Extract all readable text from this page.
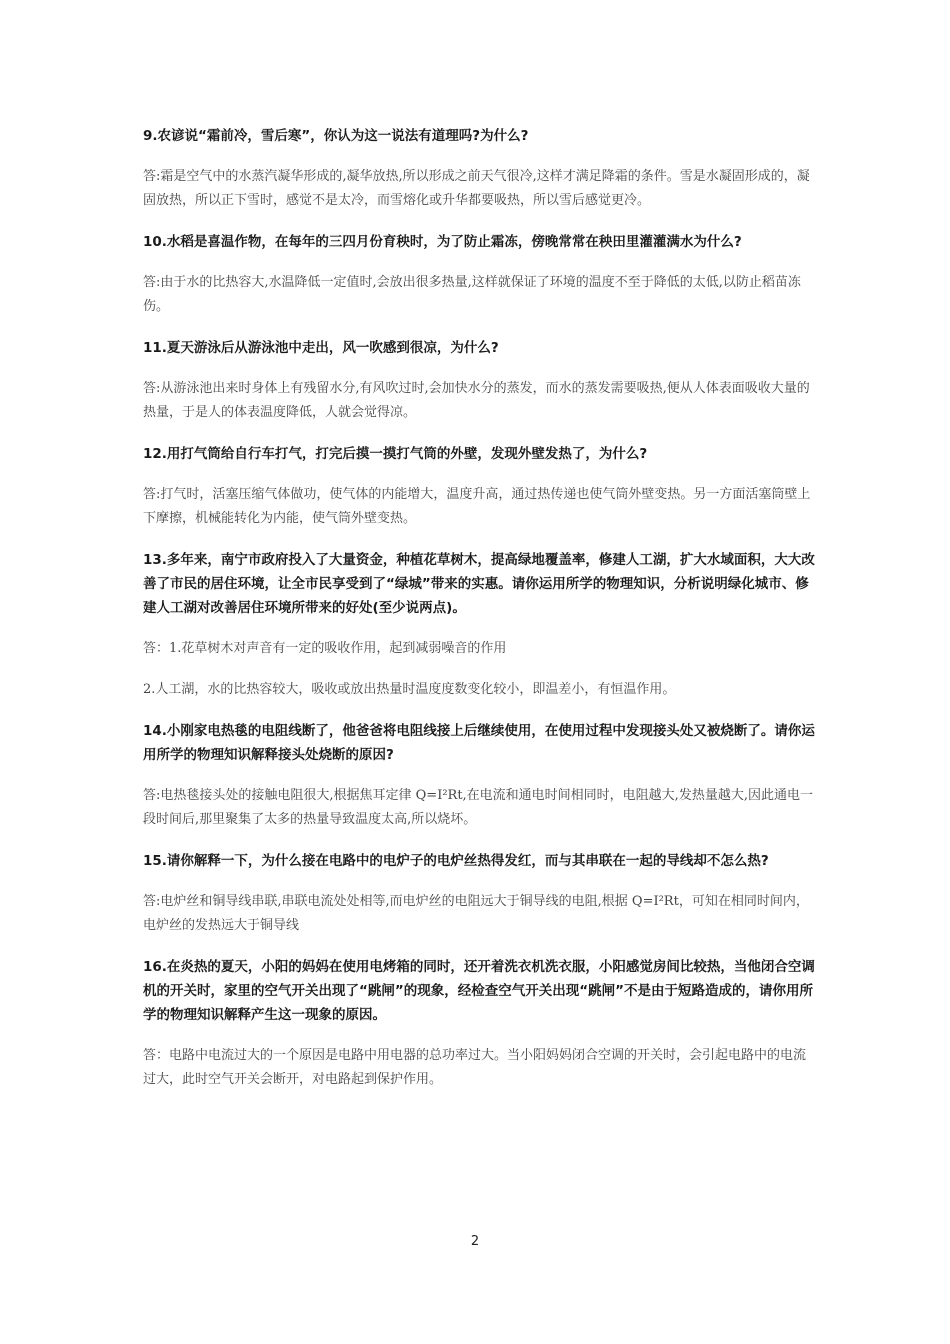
9.农谚说“霜前冷，雪后寒”，你认为这一说法有道理吗?为什么?

答:霜是空气中的水蒸汽凝华形成的,凝华放热,所以形成之前天气很冷,这样才满足降霜的条件。雪是水凝固形成的，凝固放热，所以正下雪时，感觉不是太冷，而雪熔化或升华都要吸热，所以雪后感觉更冷。

10.水稻是喜温作物，在每年的三四月份育秧时，为了防止霜冻，傍晚常常在秧田里灌灌满水为什么?

答:由于水的比热容大,水温降低一定值时,会放出很多热量,这样就保证了环境的温度不至于降低的太低,以防止稻苗冻伤。

11.夏天游泳后从游泳池中走出，风一吹感到很凉，为什么?

答:从游泳池出来时身体上有残留水分,有风吹过时,会加快水分的蒸发，而水的蒸发需要吸热,便从人体表面吸收大量的热量，于是人的体表温度降低，人就会觉得凉。

12.用打气筒给自行车打气，打完后摸一摸打气筒的外壁，发现外壁发热了，为什么?

答:打气时，活塞压缩气体做功，使气体的内能增大，温度升高，通过热传递也使气筒外壁变热。另一方面活塞筒壁上下摩擦，机械能转化为内能，使气筒外壁变热。

13.多年来，南宁市政府投入了大量资金，种植花草树木，提高绿地覆盖率，修建人工湖，扩大水域面积，大大改善了市民的居住环境，让全市民享受到了“绿城”带来的实惠。请你运用所学的物理知识，分析说明绿化城市、修建人工湖对改善居住环境所带来的好处(至少说两点)。

答：1.花草树木对声音有一定的吸收作用，起到减弱噪音的作用

2.人工湖，水的比热容较大，吸收或放出热量时温度度数变化较小，即温差小，有恒温作用。

14.小刚家电热毯的电阻线断了，他爸爸将电阻线接上后继续使用，在使用过程中发现接头处又被烧断了。请你运用所学的物理知识解释接头处烧断的原因?

答:电热毯接头处的接触电阻很大,根据焦耳定律 Q=I²Rt,在电流和通电时间相同时，电阻越大,发热量越大,因此通电一段时间后,那里聚集了太多的热量导致温度太高,所以烧坏。

15.请你解释一下，为什么接在电路中的电炉子的电炉丝热得发红，而与其串联在一起的导线却不怎么热?

答:电炉丝和铜导线串联,串联电流处处相等,而电炉丝的电阻远大于铜导线的电阻,根据 Q=I²Rt，可知在相同时间内，电炉丝的发热远大于铜导线

16.在炎热的夏天，小阳的妈妈在使用电烤箱的同时，还开着洗衣机洗衣服，小阳感觉房间比较热，当他闭合空调机的开关时，家里的空气开关出现了“跳闸”的现象，经检查空气开关出现“跳闸”不是由于短路造成的，请你用所学的物理知识解释产生这一现象的原因。

答：电路中电流过大的一个原因是电路中用电器的总功率过大。当小阳妈妈闭合空调的开关时，会引起电路中的电流过大，此时空气开关会断开，对电路起到保护作用。

2
